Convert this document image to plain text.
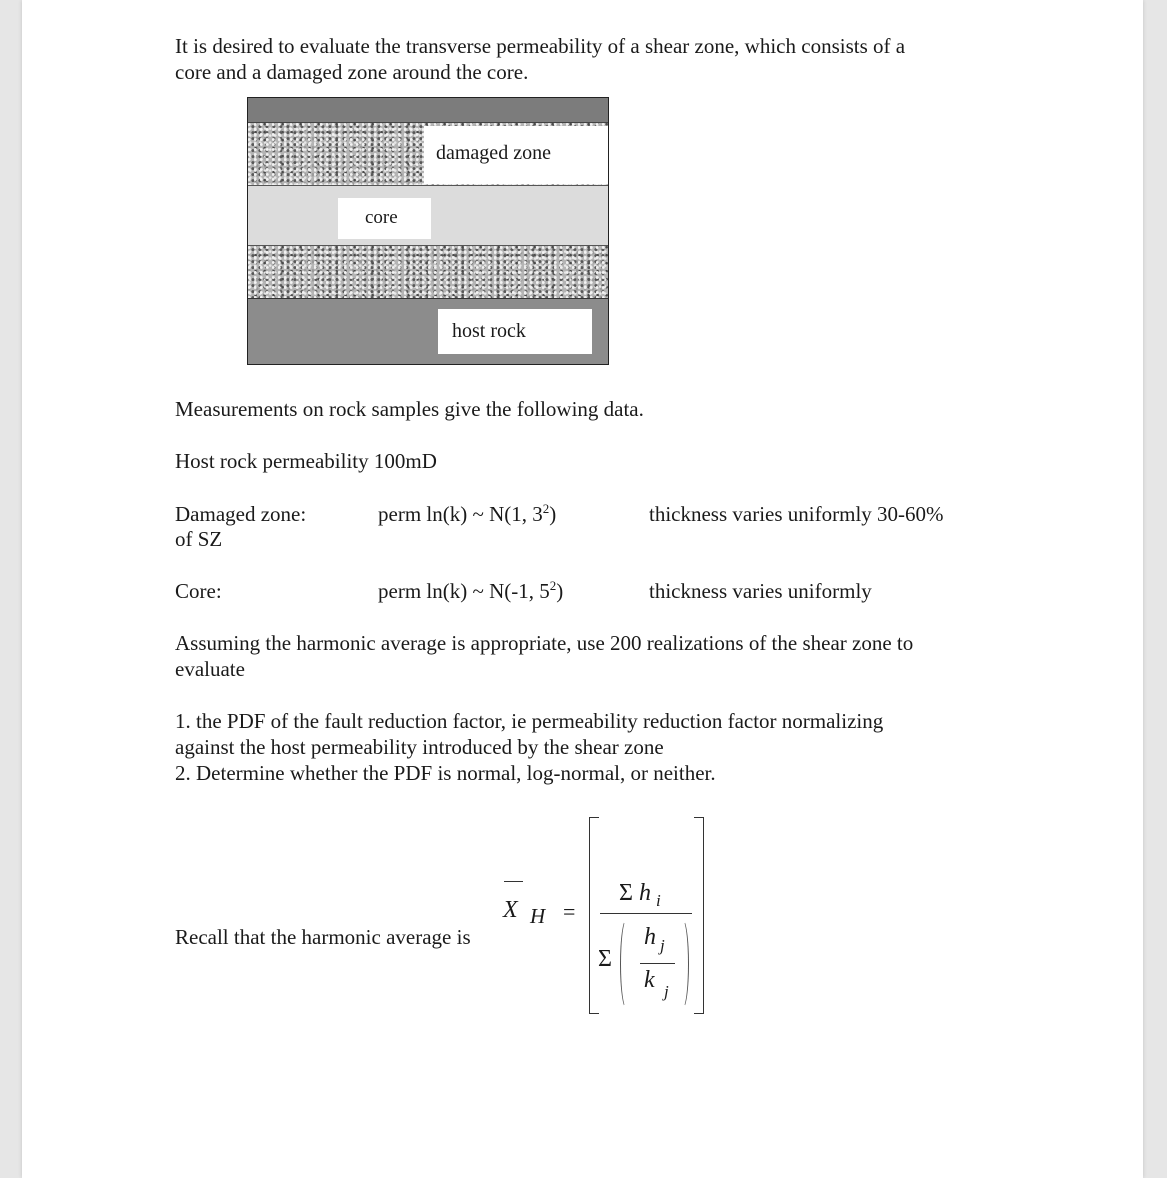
It is desired to evaluate the transverse permeability of a shear zone, which consists of a
core and a damaged zone around the core.
damaged zone
core
host rock
Measurements on rock samples give the following data.
Host rock permeability 100mD
Damaged zone:	perm ln(k) ~ N(1, $3^2$)	thickness varies uniformly 30-60%
of SZ
Core:	perm ln(k) ~ N(-1, $5^2$)	thickness varies uniformly
Assuming the harmonic average is appropriate, use 200 realizations of the shear zone to
evaluate
1. the PDF of the fault reduction factor, ie permeability reduction factor normalizing
against the host permeability introduced by the shear zone
2. Determine whether the PDF is normal, log-normal, or neither.
Recall that the harmonic average is
X H =
Σ h i
Σ
h j
k j
